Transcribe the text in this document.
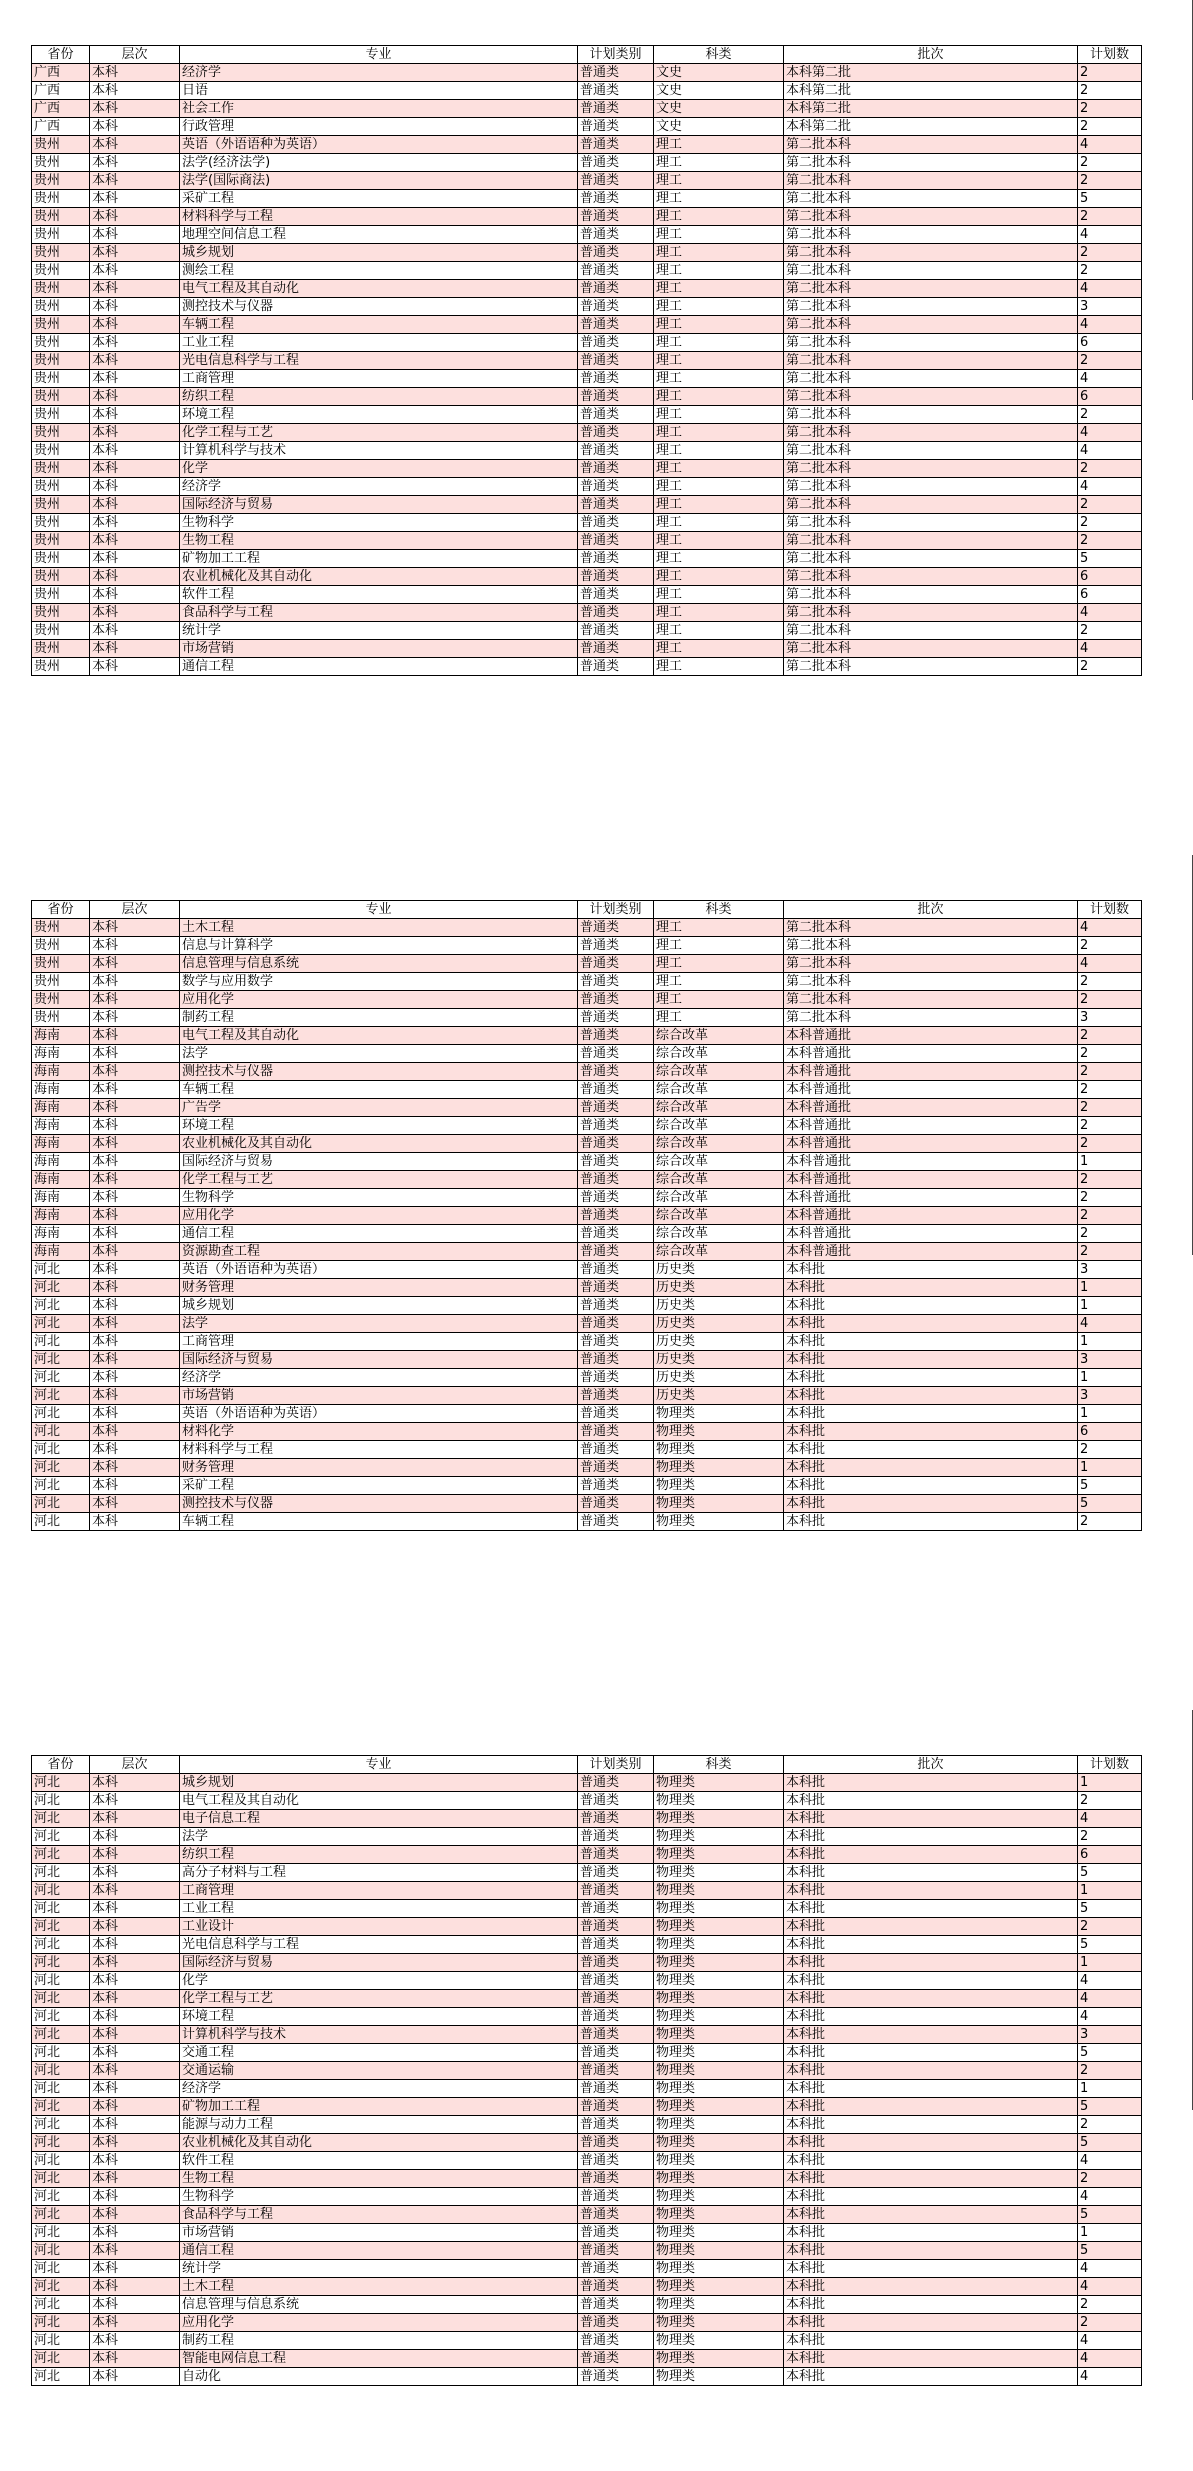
省份	层次	专业	计划类别	科类	批次	计划数
广西	本科	经济学	普通类	文史	本科第二批	2
广西	本科	日语	普通类	文史	本科第二批	2
广西	本科	社会工作	普通类	文史	本科第二批	2
广西	本科	行政管理	普通类	文史	本科第二批	2
贵州	本科	英语（外语语种为英语）	普通类	理工	第二批本科	4
贵州	本科	法学(经济法学)	普通类	理工	第二批本科	2
贵州	本科	法学(国际商法)	普通类	理工	第二批本科	2
贵州	本科	采矿工程	普通类	理工	第二批本科	5
贵州	本科	材料科学与工程	普通类	理工	第二批本科	2
贵州	本科	地理空间信息工程	普通类	理工	第二批本科	4
贵州	本科	城乡规划	普通类	理工	第二批本科	2
贵州	本科	测绘工程	普通类	理工	第二批本科	2
贵州	本科	电气工程及其自动化	普通类	理工	第二批本科	4
贵州	本科	测控技术与仪器	普通类	理工	第二批本科	3
贵州	本科	车辆工程	普通类	理工	第二批本科	4
贵州	本科	工业工程	普通类	理工	第二批本科	6
贵州	本科	光电信息科学与工程	普通类	理工	第二批本科	2
贵州	本科	工商管理	普通类	理工	第二批本科	4
贵州	本科	纺织工程	普通类	理工	第二批本科	6
贵州	本科	环境工程	普通类	理工	第二批本科	2
贵州	本科	化学工程与工艺	普通类	理工	第二批本科	4
贵州	本科	计算机科学与技术	普通类	理工	第二批本科	4
贵州	本科	化学	普通类	理工	第二批本科	2
贵州	本科	经济学	普通类	理工	第二批本科	4
贵州	本科	国际经济与贸易	普通类	理工	第二批本科	2
贵州	本科	生物科学	普通类	理工	第二批本科	2
贵州	本科	生物工程	普通类	理工	第二批本科	2
贵州	本科	矿物加工工程	普通类	理工	第二批本科	5
贵州	本科	农业机械化及其自动化	普通类	理工	第二批本科	6
贵州	本科	软件工程	普通类	理工	第二批本科	6
贵州	本科	食品科学与工程	普通类	理工	第二批本科	4
贵州	本科	统计学	普通类	理工	第二批本科	2
贵州	本科	市场营销	普通类	理工	第二批本科	4
贵州	本科	通信工程	普通类	理工	第二批本科	2
省份	层次	专业	计划类别	科类	批次	计划数
贵州	本科	土木工程	普通类	理工	第二批本科	4
贵州	本科	信息与计算科学	普通类	理工	第二批本科	2
贵州	本科	信息管理与信息系统	普通类	理工	第二批本科	4
贵州	本科	数学与应用数学	普通类	理工	第二批本科	2
贵州	本科	应用化学	普通类	理工	第二批本科	2
贵州	本科	制药工程	普通类	理工	第二批本科	3
海南	本科	电气工程及其自动化	普通类	综合改革	本科普通批	2
海南	本科	法学	普通类	综合改革	本科普通批	2
海南	本科	测控技术与仪器	普通类	综合改革	本科普通批	2
海南	本科	车辆工程	普通类	综合改革	本科普通批	2
海南	本科	广告学	普通类	综合改革	本科普通批	2
海南	本科	环境工程	普通类	综合改革	本科普通批	2
海南	本科	农业机械化及其自动化	普通类	综合改革	本科普通批	2
海南	本科	国际经济与贸易	普通类	综合改革	本科普通批	1
海南	本科	化学工程与工艺	普通类	综合改革	本科普通批	2
海南	本科	生物科学	普通类	综合改革	本科普通批	2
海南	本科	应用化学	普通类	综合改革	本科普通批	2
海南	本科	通信工程	普通类	综合改革	本科普通批	2
海南	本科	资源勘查工程	普通类	综合改革	本科普通批	2
河北	本科	英语（外语语种为英语）	普通类	历史类	本科批	3
河北	本科	财务管理	普通类	历史类	本科批	1
河北	本科	城乡规划	普通类	历史类	本科批	1
河北	本科	法学	普通类	历史类	本科批	4
河北	本科	工商管理	普通类	历史类	本科批	1
河北	本科	国际经济与贸易	普通类	历史类	本科批	3
河北	本科	经济学	普通类	历史类	本科批	1
河北	本科	市场营销	普通类	历史类	本科批	3
河北	本科	英语（外语语种为英语）	普通类	物理类	本科批	1
河北	本科	材料化学	普通类	物理类	本科批	6
河北	本科	材料科学与工程	普通类	物理类	本科批	2
河北	本科	财务管理	普通类	物理类	本科批	1
河北	本科	采矿工程	普通类	物理类	本科批	5
河北	本科	测控技术与仪器	普通类	物理类	本科批	5
河北	本科	车辆工程	普通类	物理类	本科批	2
省份	层次	专业	计划类别	科类	批次	计划数
河北	本科	城乡规划	普通类	物理类	本科批	1
河北	本科	电气工程及其自动化	普通类	物理类	本科批	2
河北	本科	电子信息工程	普通类	物理类	本科批	4
河北	本科	法学	普通类	物理类	本科批	2
河北	本科	纺织工程	普通类	物理类	本科批	6
河北	本科	高分子材料与工程	普通类	物理类	本科批	5
河北	本科	工商管理	普通类	物理类	本科批	1
河北	本科	工业工程	普通类	物理类	本科批	5
河北	本科	工业设计	普通类	物理类	本科批	2
河北	本科	光电信息科学与工程	普通类	物理类	本科批	5
河北	本科	国际经济与贸易	普通类	物理类	本科批	1
河北	本科	化学	普通类	物理类	本科批	4
河北	本科	化学工程与工艺	普通类	物理类	本科批	4
河北	本科	环境工程	普通类	物理类	本科批	4
河北	本科	计算机科学与技术	普通类	物理类	本科批	3
河北	本科	交通工程	普通类	物理类	本科批	5
河北	本科	交通运输	普通类	物理类	本科批	2
河北	本科	经济学	普通类	物理类	本科批	1
河北	本科	矿物加工工程	普通类	物理类	本科批	5
河北	本科	能源与动力工程	普通类	物理类	本科批	2
河北	本科	农业机械化及其自动化	普通类	物理类	本科批	5
河北	本科	软件工程	普通类	物理类	本科批	4
河北	本科	生物工程	普通类	物理类	本科批	2
河北	本科	生物科学	普通类	物理类	本科批	4
河北	本科	食品科学与工程	普通类	物理类	本科批	5
河北	本科	市场营销	普通类	物理类	本科批	1
河北	本科	通信工程	普通类	物理类	本科批	5
河北	本科	统计学	普通类	物理类	本科批	4
河北	本科	土木工程	普通类	物理类	本科批	4
河北	本科	信息管理与信息系统	普通类	物理类	本科批	2
河北	本科	应用化学	普通类	物理类	本科批	2
河北	本科	制药工程	普通类	物理类	本科批	4
河北	本科	智能电网信息工程	普通类	物理类	本科批	4
河北	本科	自动化	普通类	物理类	本科批	4
